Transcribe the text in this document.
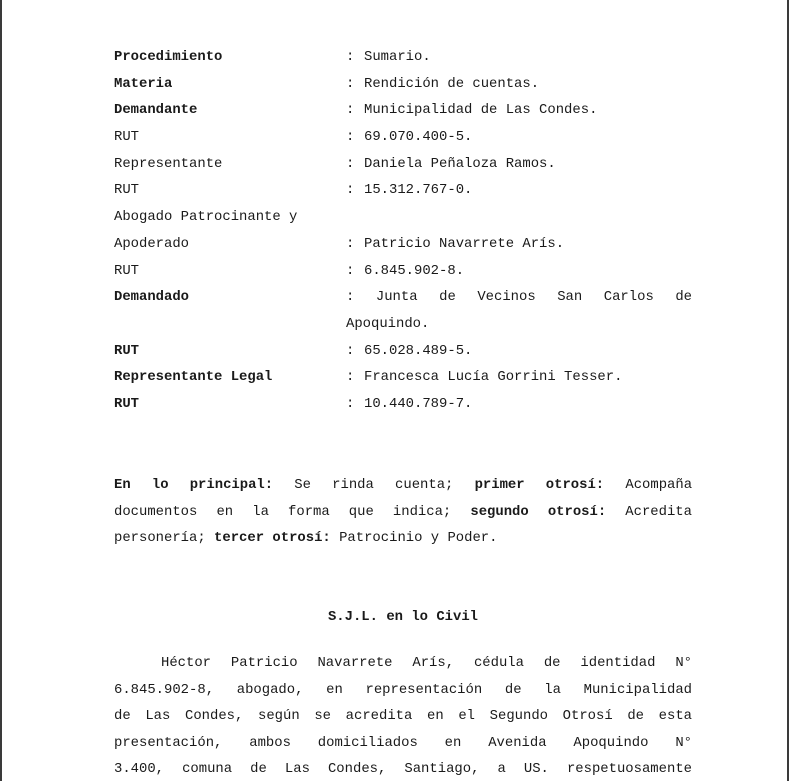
Procedimiento	: Sumario.
Materia	: Rendición de cuentas.
Demandante	: Municipalidad de Las Condes.
RUT	: 69.070.400-5.
Representante	: Daniela Peñaloza Ramos.
RUT	: 15.312.767-0.
Abogado Patrocinante y
Apoderado	: Patricio Navarrete Arís.
RUT	: 6.845.902-8.
Demandado	: Junta de Vecinos San Carlos de
Apoquindo.
RUT	: 65.028.489-5.
Representante Legal	: Francesca Lucía Gorrini Tesser.
RUT	: 10.440.789-7.
En lo principal: Se rinda cuenta; primer otrosí: Acompaña
documentos en la forma que indica; segundo otrosí: Acredita
personería; tercer otrosí: Patrocinio y Poder.
S.J.L. en lo Civil
Héctor Patricio Navarrete Arís, cédula de identidad N°
6.845.902-8, abogado, en representación de la Municipalidad
de Las Condes, según se acredita en el Segundo Otrosí de esta
presentación, ambos domiciliados en Avenida Apoquindo N°
3.400, comuna de Las Condes, Santiago, a US. respetuosamente
